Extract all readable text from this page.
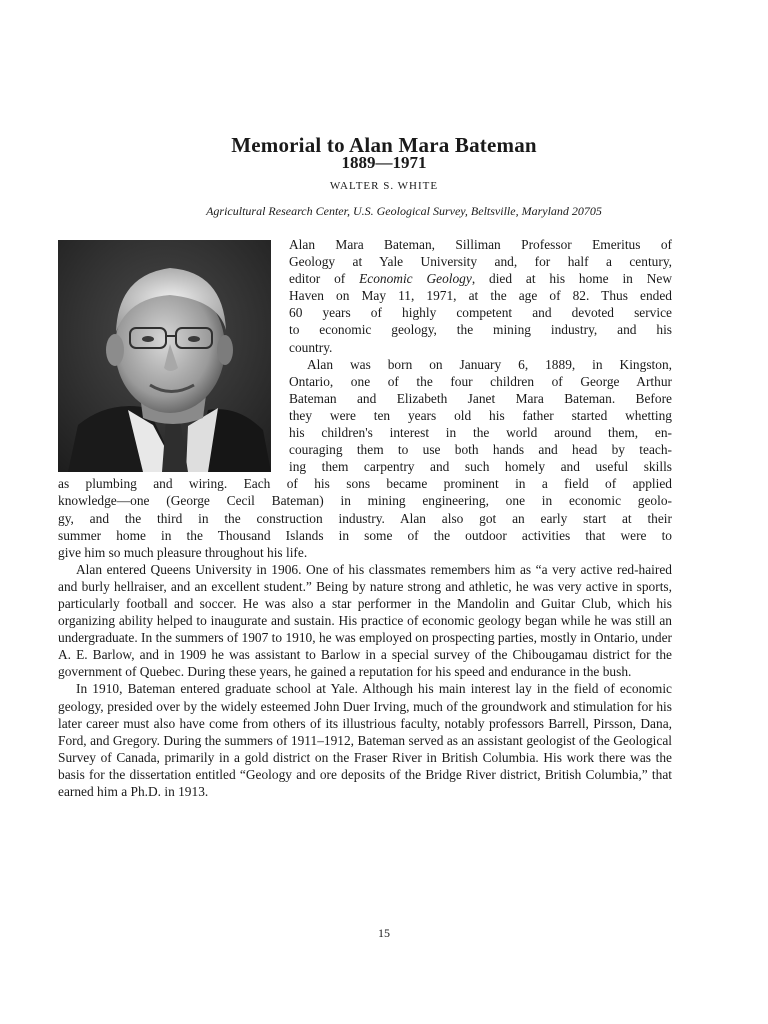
Memorial to Alan Mara Bateman
1889—1971
WALTER S. WHITE
Agricultural Research Center, U.S. Geological Survey, Beltsville, Maryland 20705
Alan Mara Bateman, Silliman Professor Emeritus of
Geology at Yale University and, for half a century,
editor of Economic Geology, died at his home in New
Haven on May 11, 1971, at the age of 82. Thus ended
60 years of highly competent and devoted service
to economic geology, the mining industry, and his
country.
Alan was born on January 6, 1889, in Kingston,
Ontario, one of the four children of George Arthur
Bateman and Elizabeth Janet Mara Bateman. Before
they were ten years old his father started whetting
his children's interest in the world around them, en-
couraging them to use both hands and head by teach-
ing them carpentry and such homely and useful skills
as plumbing and wiring. Each of his sons became prominent in a field of applied
knowledge—one (George Cecil Bateman) in mining engineering, one in economic geolo-
gy, and the third in the construction industry. Alan also got an early start at their
summer home in the Thousand Islands in some of the outdoor activities that were to
give him so much pleasure throughout his life.

Alan entered Queens University in 1906. One of his classmates remembers him as “a very active red-haired and burly hellraiser, and an excellent student.” Being by nature strong and athletic, he was very active in sports, particularly football and soccer. He was also a star performer in the Mandolin and Guitar Club, which his organizing ability helped to inaugurate and sustain. His practice of economic geology began while he was still an undergraduate. In the summers of 1907 to 1910, he was employed on prospecting parties, mostly in Ontario, under A. E. Barlow, and in 1909 he was assistant to Barlow in a special survey of the Chibougamau district for the government of Quebec. During these years, he gained a reputation for his speed and endurance in the bush.

In 1910, Bateman entered graduate school at Yale. Although his main interest lay in the field of economic geology, presided over by the widely esteemed John Duer Irving, much of the groundwork and stimulation for his later career must also have come from others of its illustrious faculty, notably professors Barrell, Pirsson, Dana, Ford, and Gregory. During the summers of 1911–1912, Bateman served as an assistant geologist of the Geological Survey of Canada, primarily in a gold district on the Fraser River in British Columbia. His work there was the basis for the dissertation entitled “Geology and ore deposits of the Bridge River district, British Columbia,” that earned him a Ph.D. in 1913.

15
